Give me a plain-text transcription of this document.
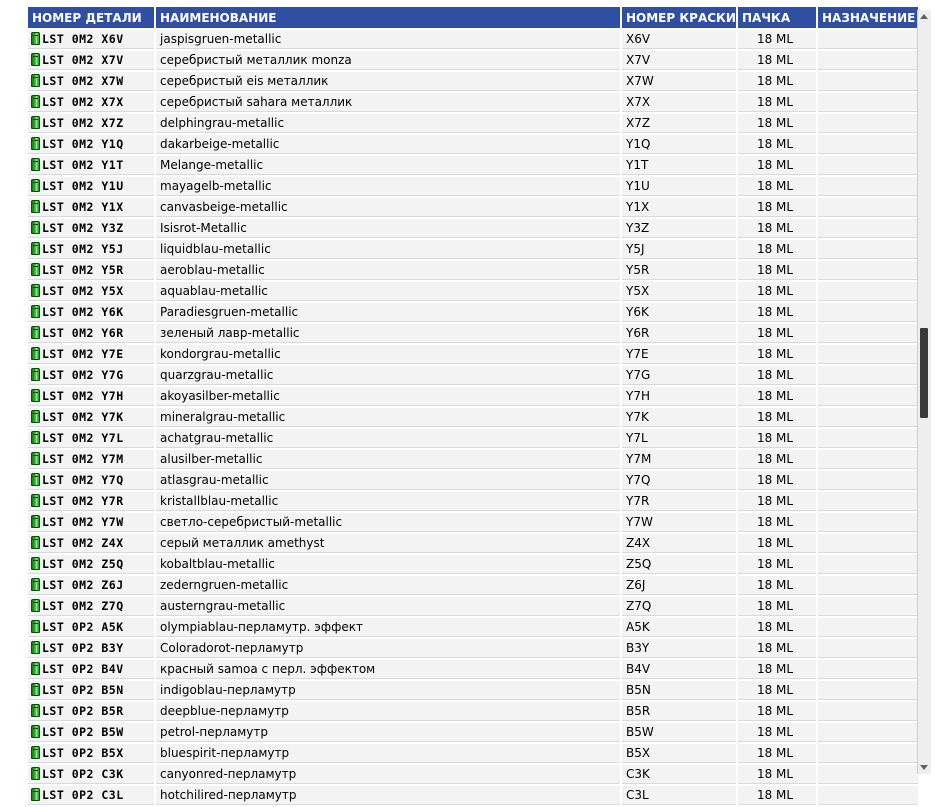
НОМЕР ДЕТАЛИ	НАИМЕНОВАНИЕ	НОМЕР КРАСКИ	ПАЧКА	НАЗНАЧЕНИЕ
LST 0M2 X6V	jaspisgruen-metallic	X6V	18 ML	
LST 0M2 X7V	серебристый металлик monza	X7V	18 ML	
LST 0M2 X7W	серебристый eis металлик	X7W	18 ML	
LST 0M2 X7X	серебристый sahara металлик	X7X	18 ML	
LST 0M2 X7Z	delphingrau-metallic	X7Z	18 ML	
LST 0M2 Y1Q	dakarbeige-metallic	Y1Q	18 ML	
LST 0M2 Y1T	Melange-metallic	Y1T	18 ML	
LST 0M2 Y1U	mayagelb-metallic	Y1U	18 ML	
LST 0M2 Y1X	canvasbeige-metallic	Y1X	18 ML	
LST 0M2 Y3Z	Isisrot-Metallic	Y3Z	18 ML	
LST 0M2 Y5J	liquidblau-metallic	Y5J	18 ML	
LST 0M2 Y5R	aeroblau-metallic	Y5R	18 ML	
LST 0M2 Y5X	aquablau-metallic	Y5X	18 ML	
LST 0M2 Y6K	Paradiesgruen-metallic	Y6K	18 ML	
LST 0M2 Y6R	зеленый лавр-metallic	Y6R	18 ML	
LST 0M2 Y7E	kondorgrau-metallic	Y7E	18 ML	
LST 0M2 Y7G	quarzgrau-metallic	Y7G	18 ML	
LST 0M2 Y7H	akoyasilber-metallic	Y7H	18 ML	
LST 0M2 Y7K	mineralgrau-metallic	Y7K	18 ML	
LST 0M2 Y7L	achatgrau-metallic	Y7L	18 ML	
LST 0M2 Y7M	alusilber-metallic	Y7M	18 ML	
LST 0M2 Y7Q	atlasgrau-metallic	Y7Q	18 ML	
LST 0M2 Y7R	kristallblau-metallic	Y7R	18 ML	
LST 0M2 Y7W	светло-серебристый-metallic	Y7W	18 ML	
LST 0M2 Z4X	серый металлик amethyst	Z4X	18 ML	
LST 0M2 Z5Q	kobaltblau-metallic	Z5Q	18 ML	
LST 0M2 Z6J	zederngruen-metallic	Z6J	18 ML	
LST 0M2 Z7Q	austerngrau-metallic	Z7Q	18 ML	
LST 0P2 A5K	olympiablau-перламутр. эффект	A5K	18 ML	
LST 0P2 B3Y	Coloradorot-перламутр	B3Y	18 ML	
LST 0P2 B4V	красный samoa с перл. эффектом	B4V	18 ML	
LST 0P2 B5N	indigoblau-перламутр	B5N	18 ML	
LST 0P2 B5R	deepblue-перламутр	B5R	18 ML	
LST 0P2 B5W	petrol-перламутр	B5W	18 ML	
LST 0P2 B5X	bluespirit-перламутр	B5X	18 ML	
LST 0P2 C3K	canyonred-перламутр	C3K	18 ML	
LST 0P2 C3L	hotchilired-перламутр	C3L	18 ML	
